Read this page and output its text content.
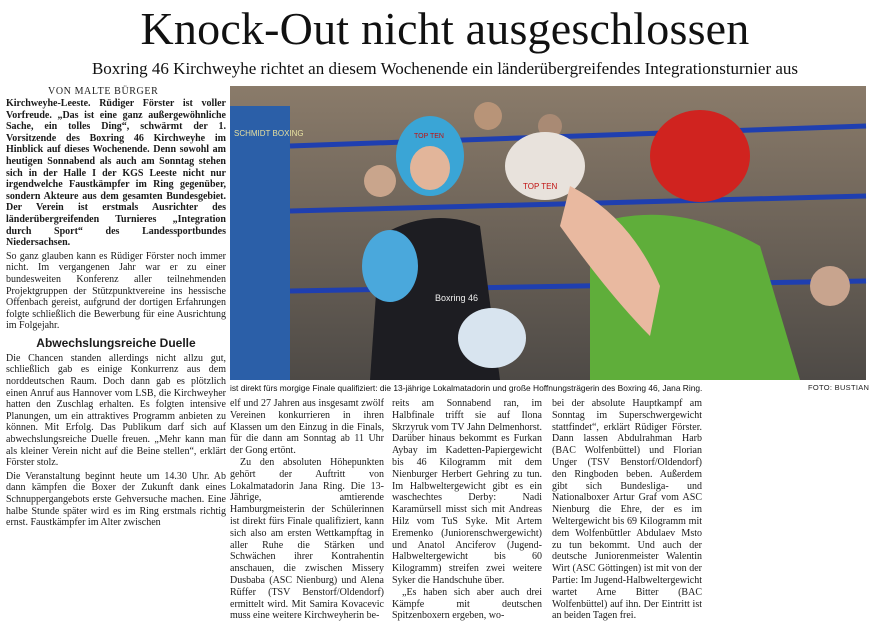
Knock-Out nicht ausgeschlossen
Boxring 46 Kirchweyhe richtet an diesem Wochenende ein länderübergreifendes Integrationsturnier aus
VON MALTE BÜRGER

Kirchweyhe-Leeste. Rüdiger Förster ist voller Vorfreude. „Das ist eine ganz außergewöhnliche Sache, ein tolles Ding“, schwärmt der 1. Vorsitzende des Boxring 46 Kirchweyhe im Hinblick auf dieses Wochenende. Denn sowohl am heutigen Sonnabend als auch am Sonntag stehen sich in der Halle I der KGS Leeste nicht nur irgendwelche Faustkämpfer im Ring gegenüber, sondern Akteure aus dem gesamten Bundesgebiet. Der Verein ist erstmals Ausrichter des länderübergreifenden Turnieres „Integration durch Sport“ des Landessportbundes Niedersachsen.

So ganz glauben kann es Rüdiger Förster noch immer nicht. Im vergangenen Jahr war er zu einer bundesweiten Konferenz aller teilnehmenden Projektgruppen der Stützpunktvereine ins hessische Offenbach gereist, aufgrund der dortigen Erfahrungen folgte schließlich die Bewerbung für eine Ausrichtung im Folgejahr.

Abwechslungsreiche Duelle

Die Chancen standen allerdings nicht allzu gut, schließlich gab es einige Konkurrenz aus dem norddeutschen Raum. Doch dann gab es plötzlich einen Anruf aus Hannover vom LSB, die Kirchweyher hatten den Zuschlag erhalten. Es folgten intensive Planungen, um ein attraktives Programm anbieten zu können. Mit Erfolg. Das Publikum darf sich auf abwechslungsreiche Duelle freuen. „Mehr kann man als kleiner Verein nicht auf die Beine stellen“, erklärt Förster stolz.

Die Veranstaltung beginnt heute um 14.30 Uhr. Ab dann kämpfen die Boxer der Zukunft dank eines Schnuppergangebots erste Gehversuche machen. Eine halbe Stunde später wird es im Ring erstmals richtig ernst. Faustkämpfer im Alter zwischen

SCHMIDT BOXING	TOP TEN
Boxring 46
TOP TEN
ist direkt fürs morgige Finale qualifiziert: die 13-jährige Lokalmatadorin und große Hoffnungsträgerin des Boxring 46, Jana Ring.	FOTO: BUSTIAN

elf und 27 Jahren aus insgesamt zwölf Vereinen konkurrieren in ihren Klassen um den Einzug in die Finals, für die dann am Sonntag ab 11 Uhr der Gong ertönt.

Zu den absoluten Höhepunkten gehört der Auftritt von Lokalmatadorin Jana Ring. Die 13-Jährige, amtierende Hamburgmeisterin der Schülerinnen ist direkt fürs Finale qualifiziert, kann sich also am ersten Wettkampftag in aller Ruhe die Stärken und Schwächen ihrer Kontrahentin anschauen, die zwischen Missery Dusbaba (ASC Nienburg) und Alena Rüffer (TSV Benstorf/Oldendorf) ermittelt wird. Mit Samira Kovacevic muss eine weitere Kirchweyherin be-

reits am Sonnabend ran, im Halbfinale trifft sie auf Ilona Skrzyruk vom TV Jahn Delmenhorst. Darüber hinaus bekommt es Furkan Aybay im Kadetten-Papiergewicht bis 46 Kilogramm mit dem Nienburger Herbert Gehring zu tun. Im Halbweltergewicht gibt es ein waschechtes Derby: Nadi Karamürsell misst sich mit Andreas Hilz vom TuS Syke. Mit Artem Eremenko (Juniorenschwergewicht) und Anatol Anciferov (Jugend-Halbweltergewicht bis 60 Kilogramm) streifen zwei weitere Syker die Handschuhe über.

„Es haben sich aber auch drei Kämpfe mit deutschen Spitzenboxern ergeben, wo-

bei der absolute Hauptkampf am Sonntag im Superschwergewicht stattfindet“, erklärt Rüdiger Förster. Dann lassen Abdulrahman Harb (BAC Wolfenbüttel) und Florian Unger (TSV Benstorf/Oldendorf) den Ringboden beben. Außerdem gibt sich Bundesliga- und Nationalboxer Artur Graf vom ASC Nienburg die Ehre, der es im Weltergewicht bis 69 Kilogramm mit dem Wolfenbüttler Abdulaev Msto zu tun bekommt. Und auch der deutsche Juniorenmeister Walentin Wirt (ASC Göttingen) ist mit von der Partie: Im Jugend-Halbweltergewicht wartet Arne Bitter (BAC Wolfenbüttel) auf ihn. Der Eintritt ist an beiden Tagen frei.
